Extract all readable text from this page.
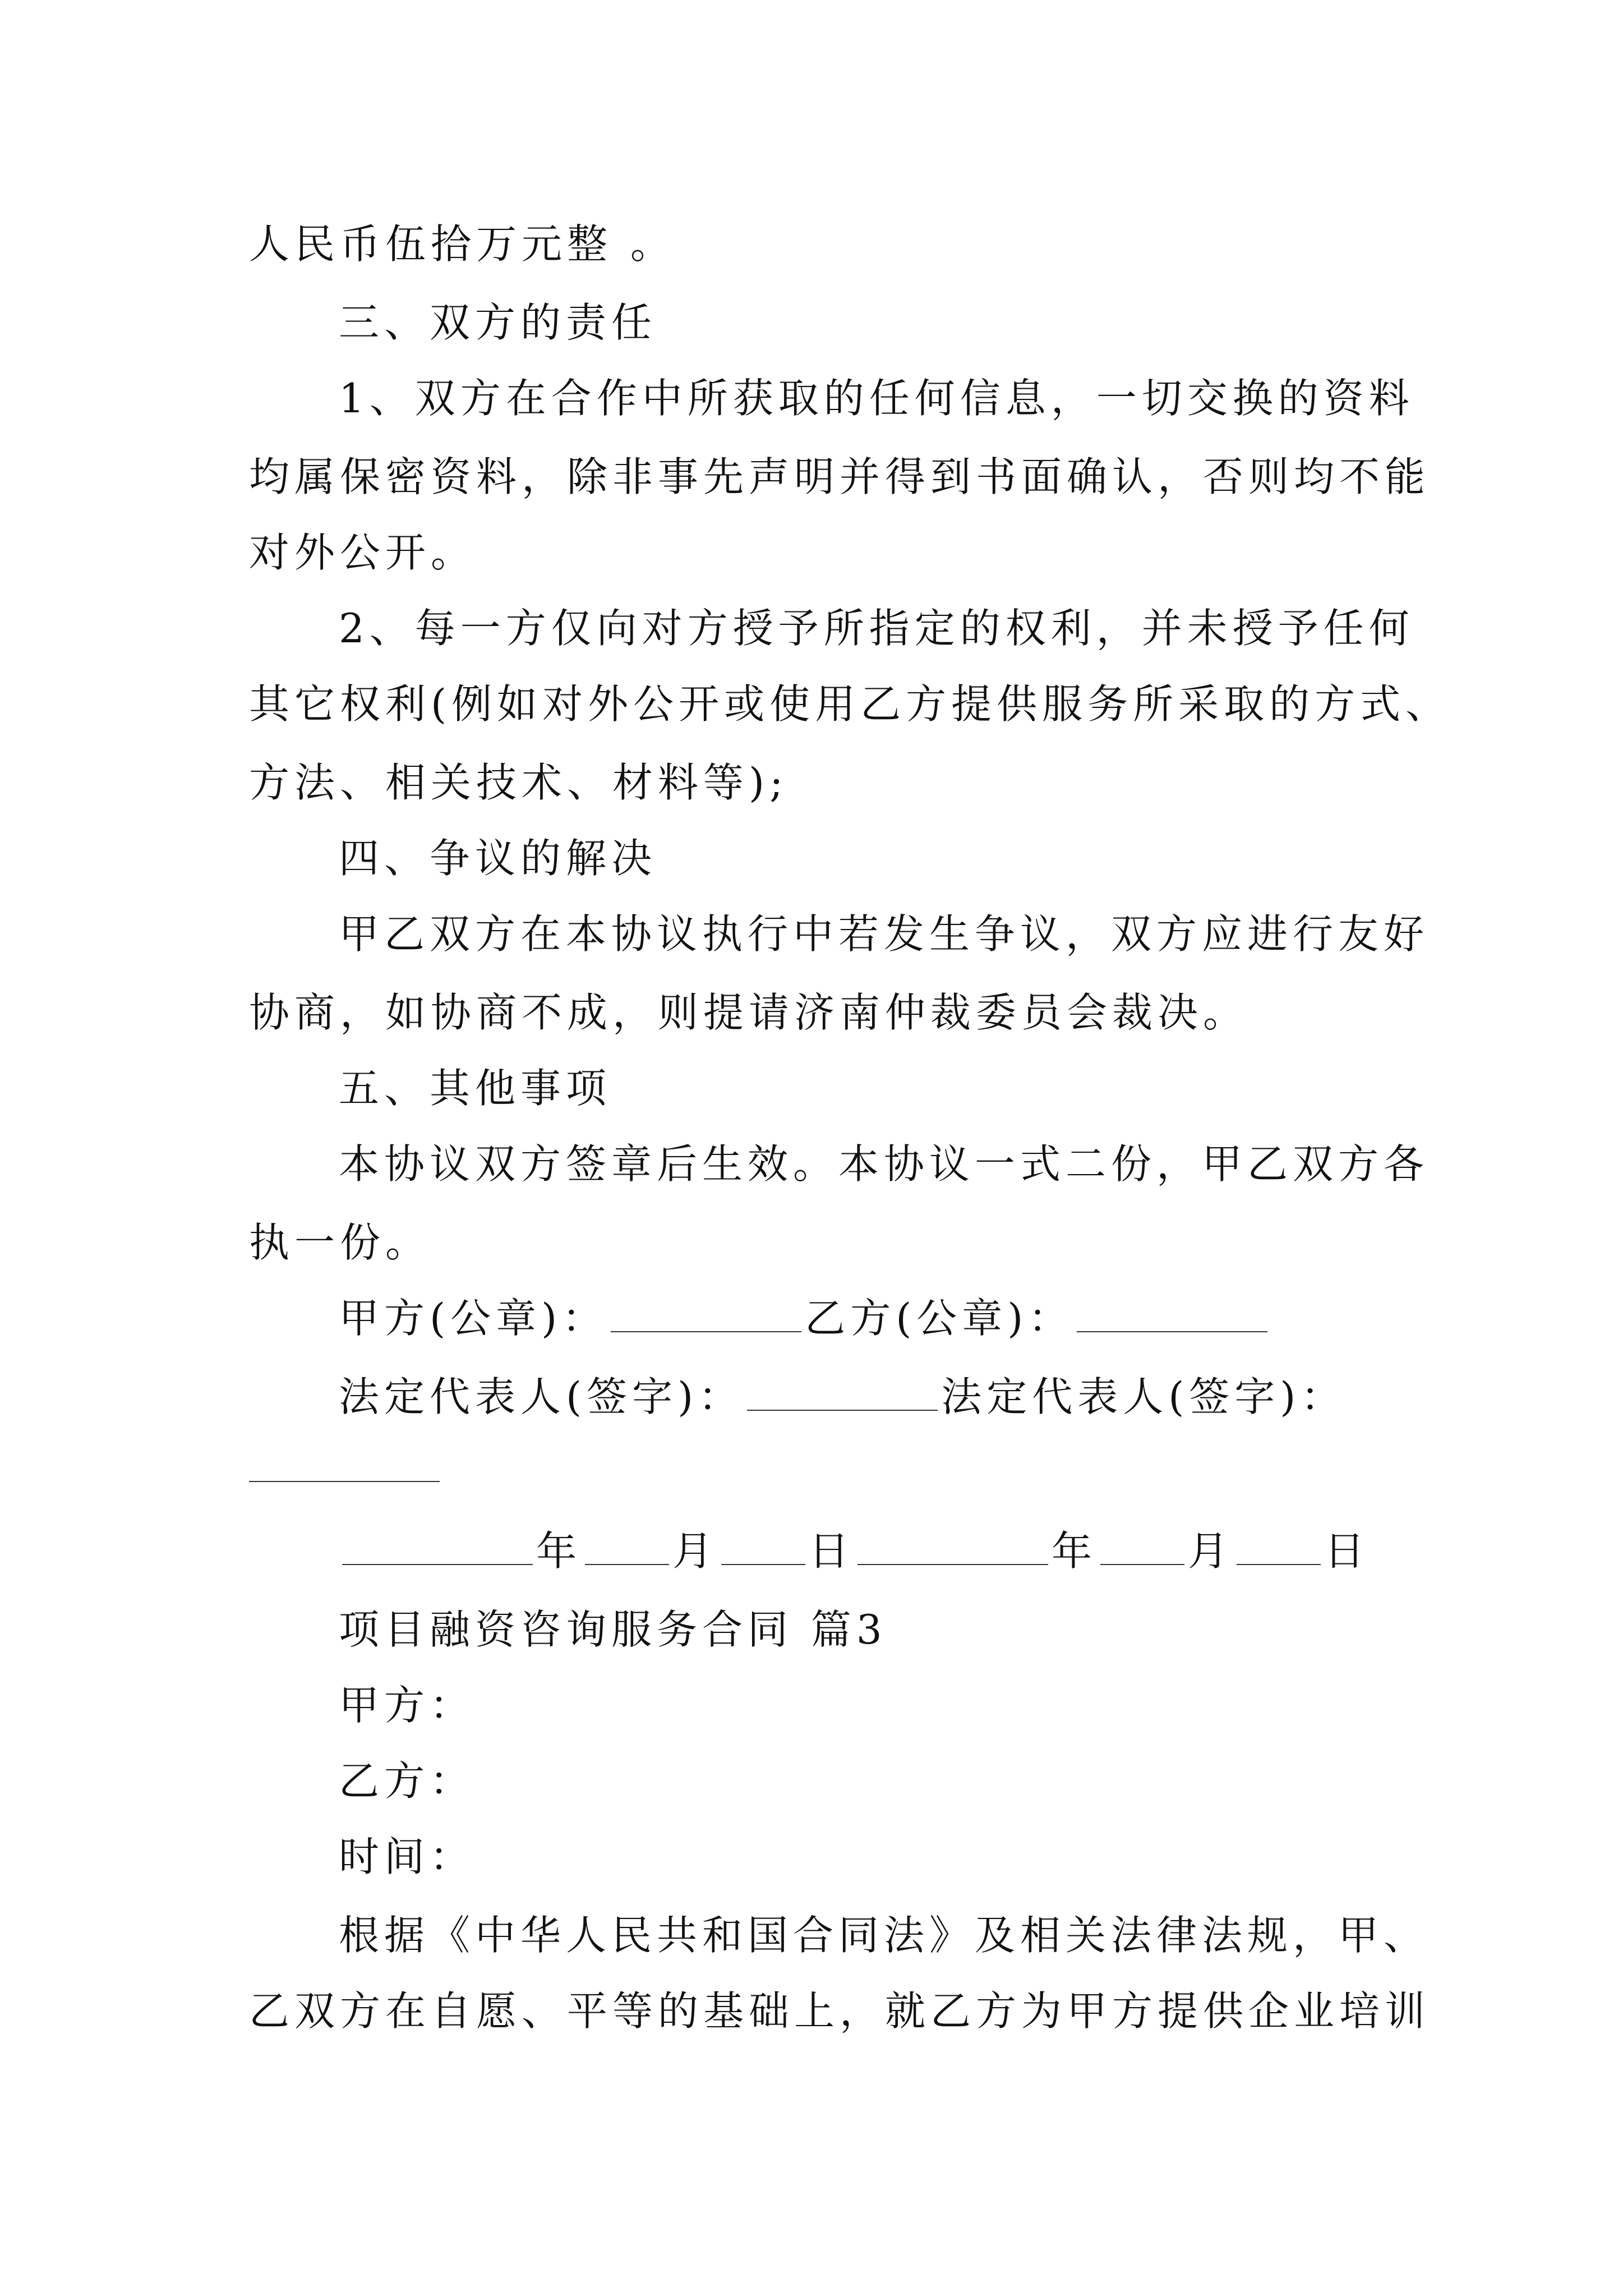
人民币伍拾万元整 。
三、双方的责任
1、双方在合作中所获取的任何信息，一切交换的资料
均属保密资料，除非事先声明并得到书面确认，否则均不能
对外公开。
2、每一方仅向对方授予所指定的权利，并未授予任何
其它权利(例如对外公开或使用乙方提供服务所采取的方式、
方法、相关技术、材料等);
四、争议的解决
甲乙双方在本协议执行中若发生争议，双方应进行友好
协商，如协商不成，则提请济南仲裁委员会裁决。
五、其他事项
本协议双方签章后生效。本协议一式二份，甲乙双方各
执一份。
甲方(公章)：	乙方(公章)：
法定代表人(签字)：	法定代表人(签字)：
年 月 日	年 月 日
项目融资咨询服务合同 篇3
甲方：
乙方：
时间：
根据《中华人民共和国合同法》及相关法律法规，甲、
乙双方在自愿、平等的基础上，就乙方为甲方提供企业培训
